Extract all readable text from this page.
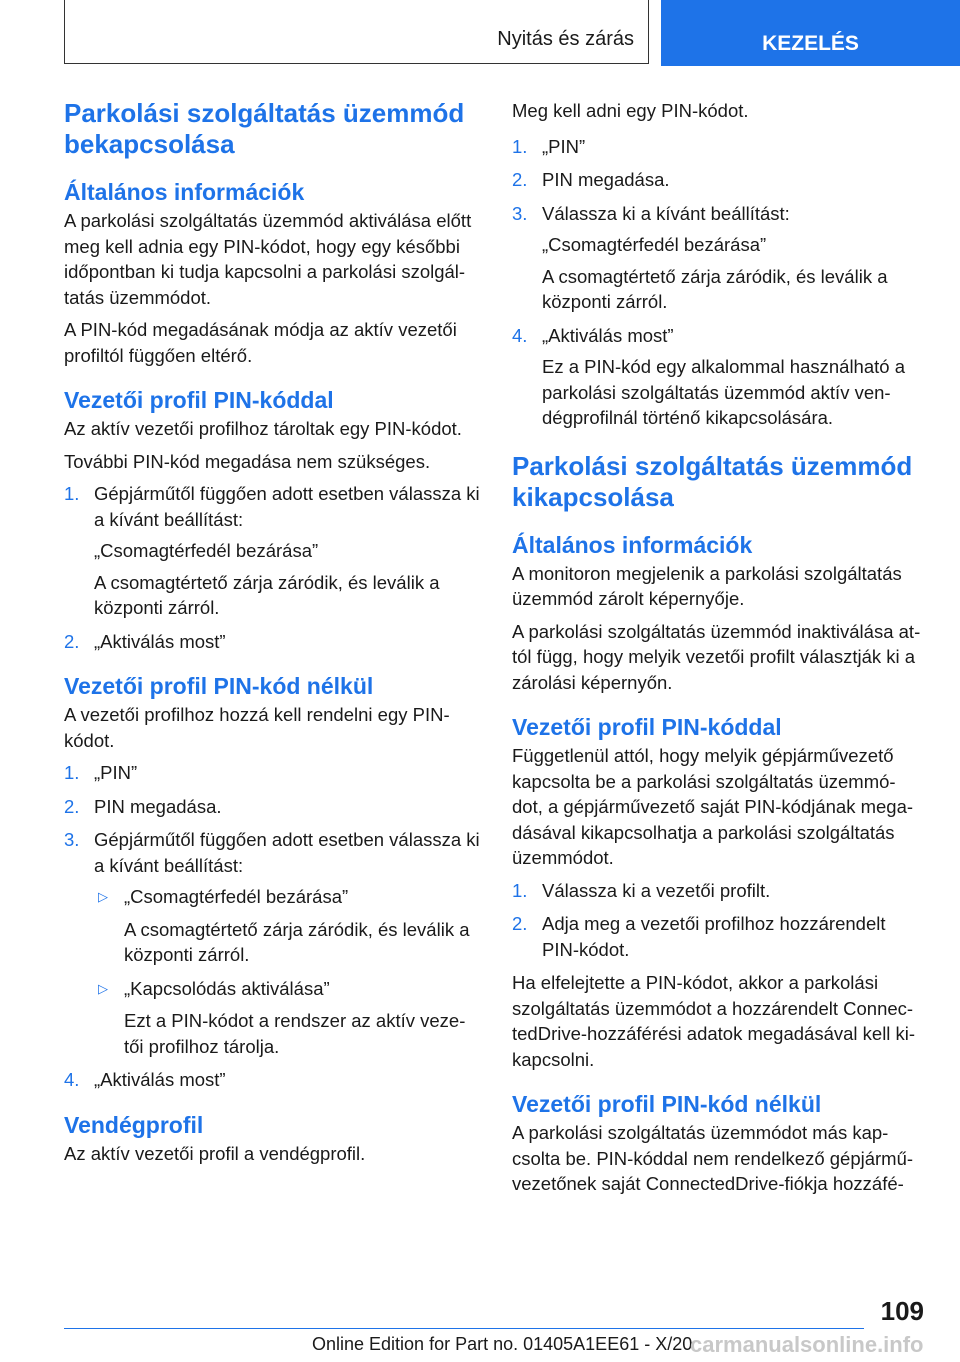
Nyitás és zárás	KEZELÉS
Parkolási szolgáltatás üzemmód bekapcsolása
Általános információk

A parkolási szolgáltatás üzemmód aktiválása előtt meg kell adnia egy PIN-kódot, hogy egy későbbi időpontban ki tudja kapcsolni a parkolási szolgál-tatás üzemmódot.

A PIN-kód megadásának módja az aktív vezetői profiltól függően eltérő.

Vezetői profil PIN-kóddal

Az aktív vezetői profilhoz tároltak egy PIN-kódot.

További PIN-kód megadása nem szükséges.

1. Gépjárműtől függően adott esetben válassza ki a kívánt beállítást:

„Csomagtérfedél bezárása”

A csomagtértető zárja záródik, és leválik a központi zárról.

2. „Aktiválás most”
Vezetői profil PIN-kód nélkül

A vezetői profilhoz hozzá kell rendelni egy PIN-kódot.

1. „PIN”
2. PIN megadása.
3. Gépjárműtől függően adott esetben válassza ki a kívánt beállítást:
▷ „Csomagtérfedél bezárása”

A csomagtértető zárja záródik, és leválik a központi zárról.

▷ „Kapcsolódás aktiválása”

Ezt a PIN-kódot a rendszer az aktív veze-tői profilhoz tárolja.

4. „Aktiválás most”
Vendégprofil

Az aktív vezetői profil a vendégprofil.

Meg kell adni egy PIN-kódot.

1. „PIN”
2. PIN megadása.
3. Válassza ki a kívánt beállítást:

„Csomagtérfedél bezárása”

A csomagtértető zárja záródik, és leválik a központi zárról.

4. „Aktiválás most”

Ez a PIN-kód egy alkalommal használható a parkolási szolgáltatás üzemmód aktív ven-dégprofilnál történő kikapcsolására.

Parkolási szolgáltatás üzemmód kikapcsolása
Általános információk

A monitoron megjelenik a parkolási szolgáltatás üzemmód zárolt képernyője.

A parkolási szolgáltatás üzemmód inaktiválása at-tól függ, hogy melyik vezetői profilt választják ki a zárolási képernyőn.

Vezetői profil PIN-kóddal

Függetlenül attól, hogy melyik gépjárművezető kapcsolta be a parkolási szolgáltatás üzemmó-dot, a gépjárművezető saját PIN-kódjának mega-dásával kikapcsolhatja a parkolási szolgáltatás üzemmódot.

1. Válassza ki a vezetői profilt.
2. Adja meg a vezetői profilhoz hozzárendelt PIN-kódot.

Ha elfelejtette a PIN-kódot, akkor a parkolási szolgáltatás üzemmódot a hozzárendelt Connec-tedDrive-hozzáférési adatok megadásával kell ki-kapcsolni.

Vezetői profil PIN-kód nélkül

A parkolási szolgáltatás üzemmódot más kap-csolta be. PIN-kóddal nem rendelkező gépjármű-vezetőnek saját ConnectedDrive-fiókja hozzáfé-

109
Online Edition for Part no. 01405A1EE61 - X/20
carmanualsonline.info
